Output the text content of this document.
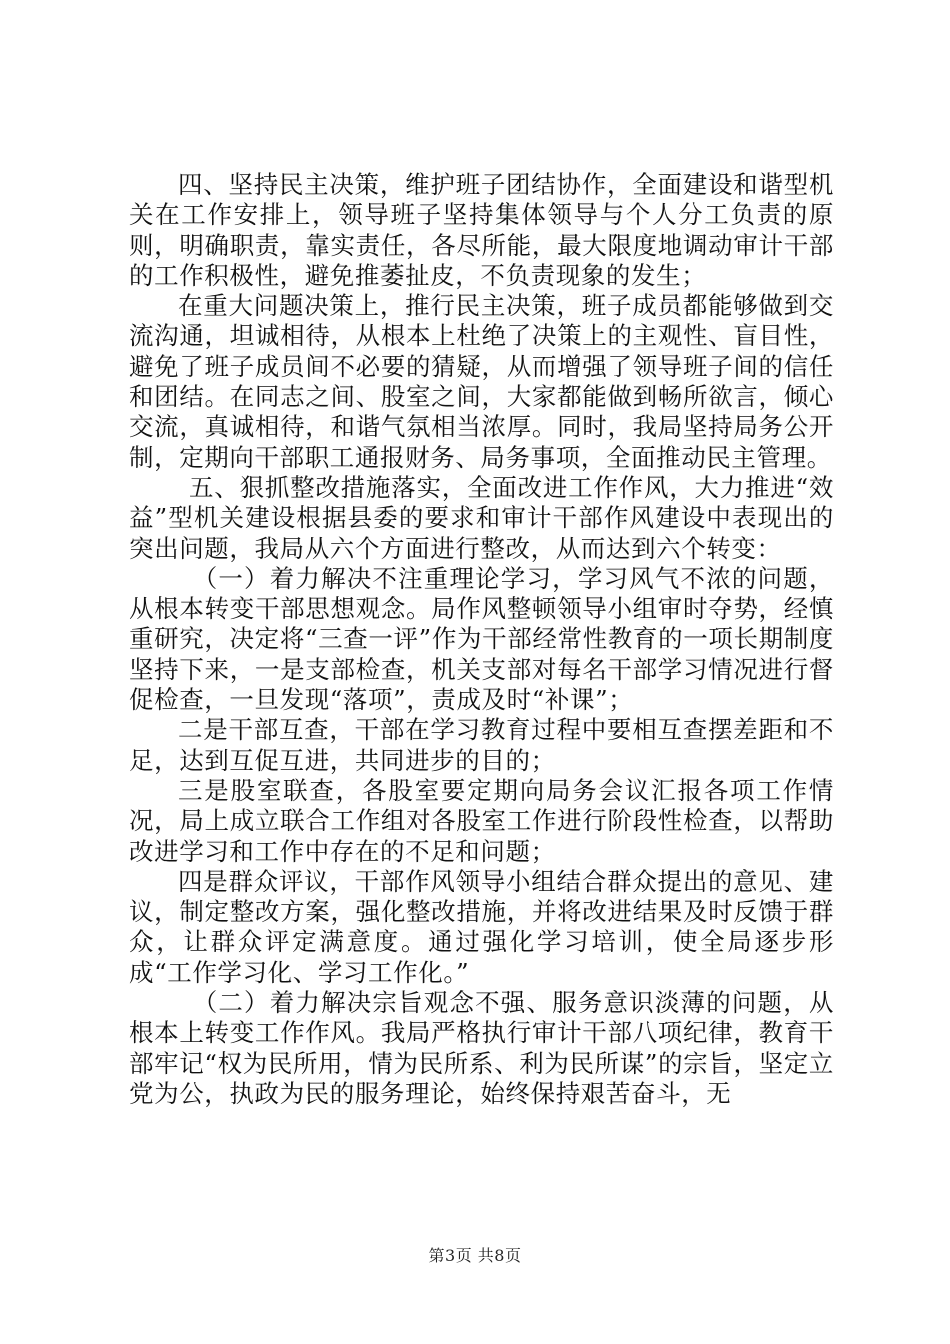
四、坚持民主决策，维护班子团结协作，全面建设和谐型机关在工作安排上，领导班子坚持集体领导与个人分工负责的原则，明确职责，靠实责任，各尽所能，最大限度地调动审计干部的工作积极性，避免推萎扯皮，不负责现象的发生；

在重大问题决策上，推行民主决策，班子成员都能够做到交流沟通，坦诚相待，从根本上杜绝了决策上的主观性、盲目性，避免了班子成员间不必要的猜疑，从而增强了领导班子间的信任和团结。在同志之间、股室之间，大家都能做到畅所欲言，倾心交流，真诚相待，和谐气氛相当浓厚。同时，我局坚持局务公开制，定期向干部职工通报财务、局务事项，全面推动民主管理。

五、狠抓整改措施落实，全面改进工作作风，大力推进“效益”型机关建设根据县委的要求和审计干部作风建设中表现出的突出问题，我局从六个方面进行整改，从而达到六个转变：

（一）着力解决不注重理论学习，学习风气不浓的问题，从根本转变干部思想观念。局作风整顿领导小组审时夺势，经慎重研究，决定将“三查一评”作为干部经常性教育的一项长期制度坚持下来，一是支部检查，机关支部对每名干部学习情况进行督促检查，一旦发现“落项”，责成及时“补课”；

二是干部互查，干部在学习教育过程中要相互查摆差距和不足，达到互促互进，共同进步的目的；

三是股室联查，各股室要定期向局务会议汇报各项工作情况，局上成立联合工作组对各股室工作进行阶段性检查，以帮助改进学习和工作中存在的不足和问题；

四是群众评议，干部作风领导小组结合群众提出的意见、建议，制定整改方案，强化整改措施，并将改进结果及时反馈于群众，让群众评定满意度。通过强化学习培训，使全局逐步形成“工作学习化、学习工作化。”

（二）着力解决宗旨观念不强、服务意识淡薄的问题，从根本上转变工作作风。我局严格执行审计干部八项纪律，教育干部牢记“权为民所用，情为民所系、利为民所谋”的宗旨，坚定立党为公，执政为民的服务理论，始终保持艰苦奋斗，无

第3页 共8页
